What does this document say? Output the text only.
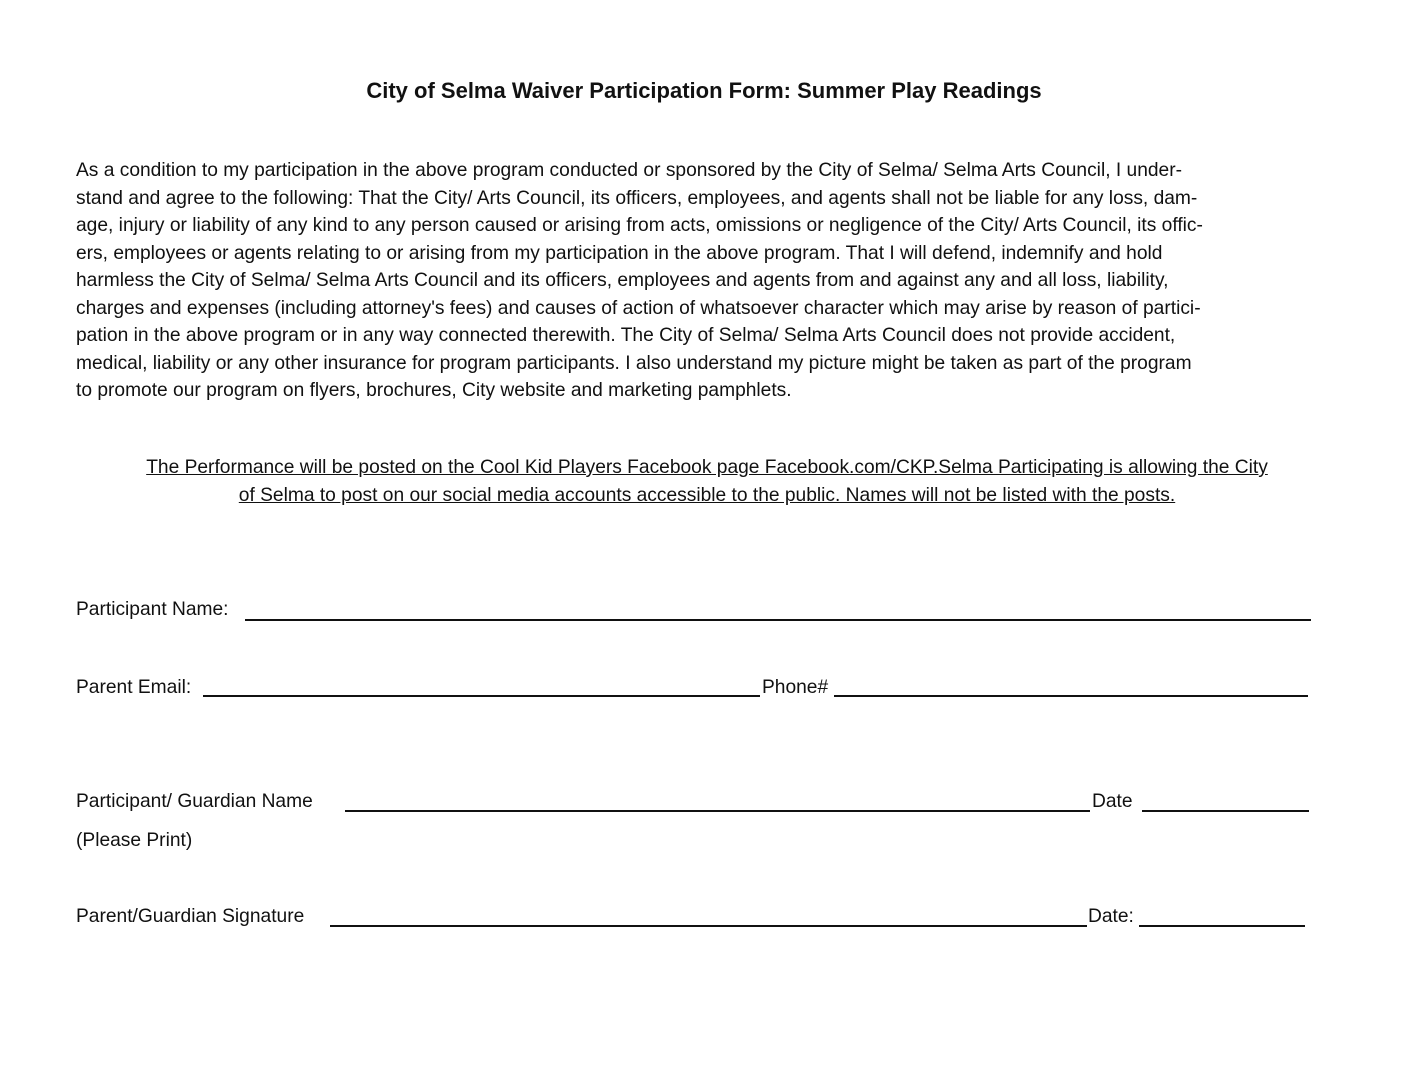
City of Selma Waiver Participation Form: Summer Play Readings
As a condition to my participation in the above program conducted or sponsored by the City of Selma/ Selma Arts Council, I under-
stand and agree to the following: That the City/ Arts Council, its officers, employees, and agents shall not be liable for any loss, dam-
age, injury or liability of any kind to any person caused or arising from acts, omissions or negligence of the City/ Arts Council, its offic-
ers, employees or agents relating to or arising from my participation in the above program. That I will defend, indemnify and hold
harmless the City of Selma/ Selma Arts Council and its officers, employees and agents from and against any and all loss, liability,
charges and expenses (including attorney's fees) and causes of action of whatsoever character which may arise by reason of partici-
pation in the above program or in any way connected therewith. The City of Selma/ Selma Arts Council does not provide accident,
medical, liability or any other insurance for program participants. I also understand my picture might be taken as part of the program
to promote our program on flyers, brochures, City website and marketing pamphlets.
The Performance will be posted on the Cool Kid Players Facebook page Facebook.com/CKP.Selma Participating is allowing the City
of Selma to post on our social media accounts accessible to the public. Names will not be listed with the posts.
Participant Name:
Parent Email:	Phone#
Participant/ Guardian Name	Date
(Please Print)
Parent/Guardian Signature	Date:
